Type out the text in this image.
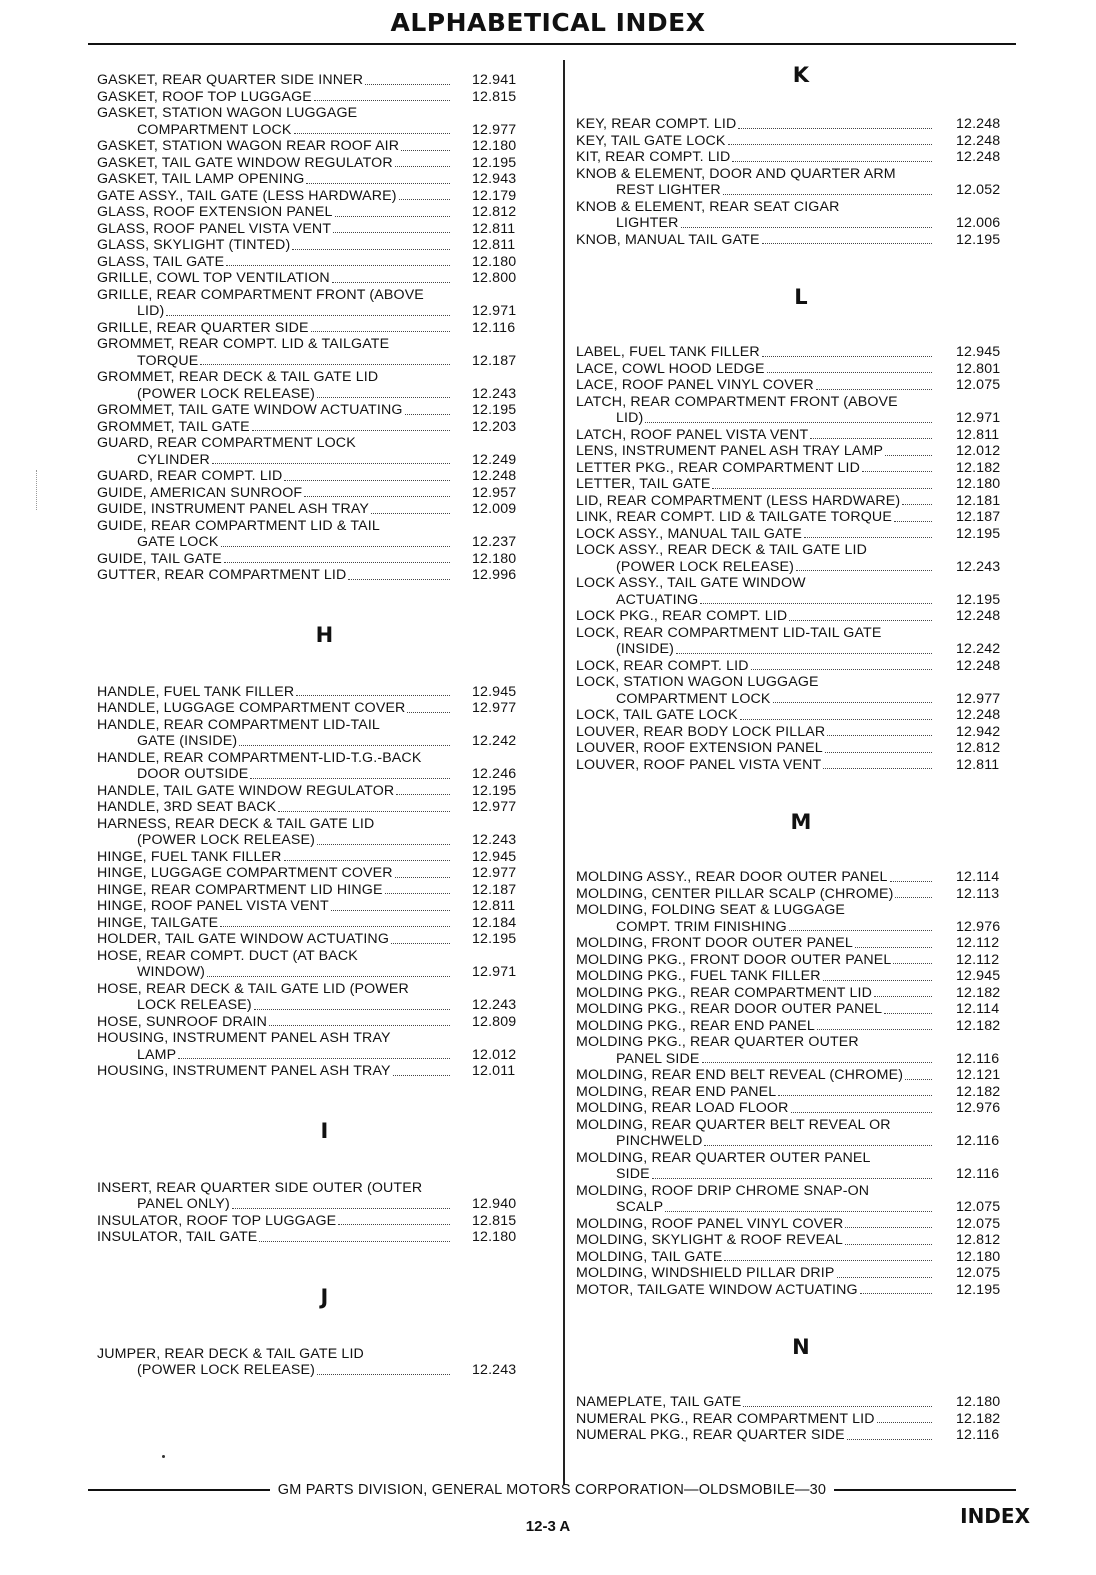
ALPHABETICAL INDEX
GASKET, REAR QUARTER SIDE INNER	12.941
GASKET, ROOF TOP LUGGAGE	12.815
GASKET, STATION WAGON LUGGAGE
COMPARTMENT LOCK	12.977
GASKET, STATION WAGON REAR ROOF AIR	12.180
GASKET, TAIL GATE WINDOW REGULATOR	12.195
GASKET, TAIL LAMP OPENING	12.943
GATE ASSY., TAIL GATE (LESS HARDWARE)	12.179
GLASS, ROOF EXTENSION PANEL	12.812
GLASS, ROOF PANEL VISTA VENT	12.811
GLASS, SKYLIGHT (TINTED)	12.811
GLASS, TAIL GATE	12.180
GRILLE, COWL TOP VENTILATION	12.800
GRILLE, REAR COMPARTMENT FRONT (ABOVE
LID)	12.971
GRILLE, REAR QUARTER SIDE	12.116
GROMMET, REAR COMPT. LID & TAILGATE
TORQUE	12.187
GROMMET, REAR DECK & TAIL GATE LID
(POWER LOCK RELEASE)	12.243
GROMMET, TAIL GATE WINDOW ACTUATING	12.195
GROMMET, TAIL GATE	12.203
GUARD, REAR COMPARTMENT LOCK
CYLINDER	12.249
GUARD, REAR COMPT. LID	12.248
GUIDE, AMERICAN SUNROOF	12.957
GUIDE, INSTRUMENT PANEL ASH TRAY	12.009
GUIDE, REAR COMPARTMENT LID & TAIL
GATE LOCK	12.237
GUIDE, TAIL GATE	12.180
GUTTER, REAR COMPARTMENT LID	12.996
H
HANDLE, FUEL TANK FILLER	12.945
HANDLE, LUGGAGE COMPARTMENT COVER	12.977
HANDLE, REAR COMPARTMENT LID-TAIL
GATE (INSIDE)	12.242
HANDLE, REAR COMPARTMENT-LID-T.G.-BACK
DOOR OUTSIDE	12.246
HANDLE, TAIL GATE WINDOW REGULATOR	12.195
HANDLE, 3RD SEAT BACK	12.977
HARNESS, REAR DECK & TAIL GATE LID
(POWER LOCK RELEASE)	12.243
HINGE, FUEL TANK FILLER	12.945
HINGE, LUGGAGE COMPARTMENT COVER	12.977
HINGE, REAR COMPARTMENT LID HINGE	12.187
HINGE, ROOF PANEL VISTA VENT	12.811
HINGE, TAILGATE	12.184
HOLDER, TAIL GATE WINDOW ACTUATING	12.195
HOSE, REAR COMPT. DUCT (AT BACK
WINDOW)	12.971
HOSE, REAR DECK & TAIL GATE LID (POWER
LOCK RELEASE)	12.243
HOSE, SUNROOF DRAIN	12.809
HOUSING, INSTRUMENT PANEL ASH TRAY
LAMP	12.012
HOUSING, INSTRUMENT PANEL ASH TRAY	12.011
I
INSERT, REAR QUARTER SIDE OUTER (OUTER
PANEL ONLY)	12.940
INSULATOR, ROOF TOP LUGGAGE	12.815
INSULATOR, TAIL GATE	12.180
J
JUMPER, REAR DECK & TAIL GATE LID
(POWER LOCK RELEASE)	12.243
K
KEY, REAR COMPT. LID	12.248
KEY, TAIL GATE LOCK	12.248
KIT, REAR COMPT. LID	12.248
KNOB & ELEMENT, DOOR AND QUARTER ARM
REST LIGHTER	12.052
KNOB & ELEMENT, REAR SEAT CIGAR
LIGHTER	12.006
KNOB, MANUAL TAIL GATE	12.195
L
LABEL, FUEL TANK FILLER	12.945
LACE, COWL HOOD LEDGE	12.801
LACE, ROOF PANEL VINYL COVER	12.075
LATCH, REAR COMPARTMENT FRONT (ABOVE
LID)	12.971
LATCH, ROOF PANEL VISTA VENT	12.811
LENS, INSTRUMENT PANEL ASH TRAY LAMP	12.012
LETTER PKG., REAR COMPARTMENT LID	12.182
LETTER, TAIL GATE	12.180
LID, REAR COMPARTMENT (LESS HARDWARE)	12.181
LINK, REAR COMPT. LID & TAILGATE TORQUE	12.187
LOCK ASSY., MANUAL TAIL GATE	12.195
LOCK ASSY., REAR DECK & TAIL GATE LID
(POWER LOCK RELEASE)	12.243
LOCK ASSY., TAIL GATE WINDOW
ACTUATING	12.195
LOCK PKG., REAR COMPT. LID	12.248
LOCK, REAR COMPARTMENT LID-TAIL GATE
(INSIDE)	12.242
LOCK, REAR COMPT. LID	12.248
LOCK, STATION WAGON LUGGAGE
COMPARTMENT LOCK	12.977
LOCK, TAIL GATE LOCK	12.248
LOUVER, REAR BODY LOCK PILLAR	12.942
LOUVER, ROOF EXTENSION PANEL	12.812
LOUVER, ROOF PANEL VISTA VENT	12.811
M
MOLDING ASSY., REAR DOOR OUTER PANEL	12.114
MOLDING, CENTER PILLAR SCALP (CHROME)	12.113
MOLDING, FOLDING SEAT & LUGGAGE
COMPT. TRIM FINISHING	12.976
MOLDING, FRONT DOOR OUTER PANEL	12.112
MOLDING PKG., FRONT DOOR OUTER PANEL	12.112
MOLDING PKG., FUEL TANK FILLER	12.945
MOLDING PKG., REAR COMPARTMENT LID	12.182
MOLDING PKG., REAR DOOR OUTER PANEL	12.114
MOLDING PKG., REAR END PANEL	12.182
MOLDING PKG., REAR QUARTER OUTER
PANEL SIDE	12.116
MOLDING, REAR END BELT REVEAL (CHROME)	12.121
MOLDING, REAR END PANEL	12.182
MOLDING, REAR LOAD FLOOR	12.976
MOLDING, REAR QUARTER BELT REVEAL OR
PINCHWELD	12.116
MOLDING, REAR QUARTER OUTER PANEL
SIDE	12.116
MOLDING, ROOF DRIP CHROME SNAP-ON
SCALP	12.075
MOLDING, ROOF PANEL VINYL COVER	12.075
MOLDING, SKYLIGHT & ROOF REVEAL	12.812
MOLDING, TAIL GATE	12.180
MOLDING, WINDSHIELD PILLAR DRIP	12.075
MOTOR, TAILGATE WINDOW ACTUATING	12.195
N
NAMEPLATE, TAIL GATE	12.180
NUMERAL PKG., REAR COMPARTMENT LID	12.182
NUMERAL PKG., REAR QUARTER SIDE	12.116
GM PARTS DIVISION, GENERAL MOTORS CORPORATION—OLDSMOBILE—30
12-3 A	INDEX
